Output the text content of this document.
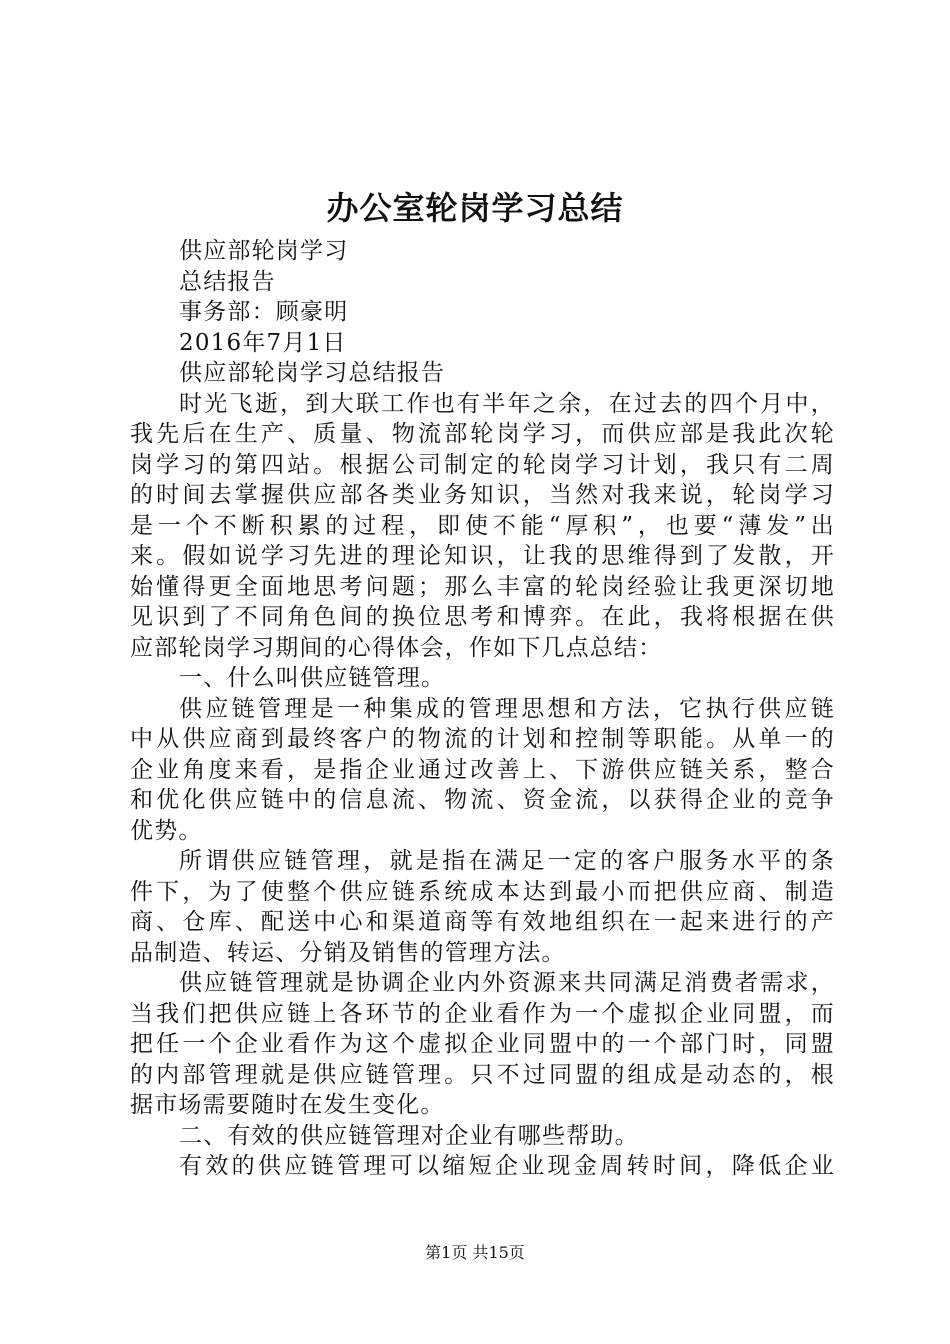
办公室轮岗学习总结
供应部轮岗学习
总结报告
事务部：顾豪明
2016年7月1日
供应部轮岗学习总结报告
时光飞逝，到大联工作也有半年之余，在过去的四个月中，
我先后在生产、质量、物流部轮岗学习，而供应部是我此次轮
岗学习的第四站。根据公司制定的轮岗学习计划，我只有二周
的时间去掌握供应部各类业务知识，当然对我来说，轮岗学习
是一个不断积累的过程，即使不能“厚积”，也要“薄发”出
来。假如说学习先进的理论知识，让我的思维得到了发散，开
始懂得更全面地思考问题；那么丰富的轮岗经验让我更深切地
见识到了不同角色间的换位思考和博弈。在此，我将根据在供
应部轮岗学习期间的心得体会，作如下几点总结：
一、什么叫供应链管理。
供应链管理是一种集成的管理思想和方法，它执行供应链
中从供应商到最终客户的物流的计划和控制等职能。从单一的
企业角度来看，是指企业通过改善上、下游供应链关系，整合
和优化供应链中的信息流、物流、资金流，以获得企业的竞争
优势。
所谓供应链管理，就是指在满足一定的客户服务水平的条
件下，为了使整个供应链系统成本达到最小而把供应商、制造
商、仓库、配送中心和渠道商等有效地组织在一起来进行的产
品制造、转运、分销及销售的管理方法。
供应链管理就是协调企业内外资源来共同满足消费者需求，
当我们把供应链上各环节的企业看作为一个虚拟企业同盟，而
把任一个企业看作为这个虚拟企业同盟中的一个部门时，同盟
的内部管理就是供应链管理。只不过同盟的组成是动态的，根
据市场需要随时在发生变化。
二、有效的供应链管理对企业有哪些帮助。
有效的供应链管理可以缩短企业现金周转时间，降低企业
第1页 共15页
